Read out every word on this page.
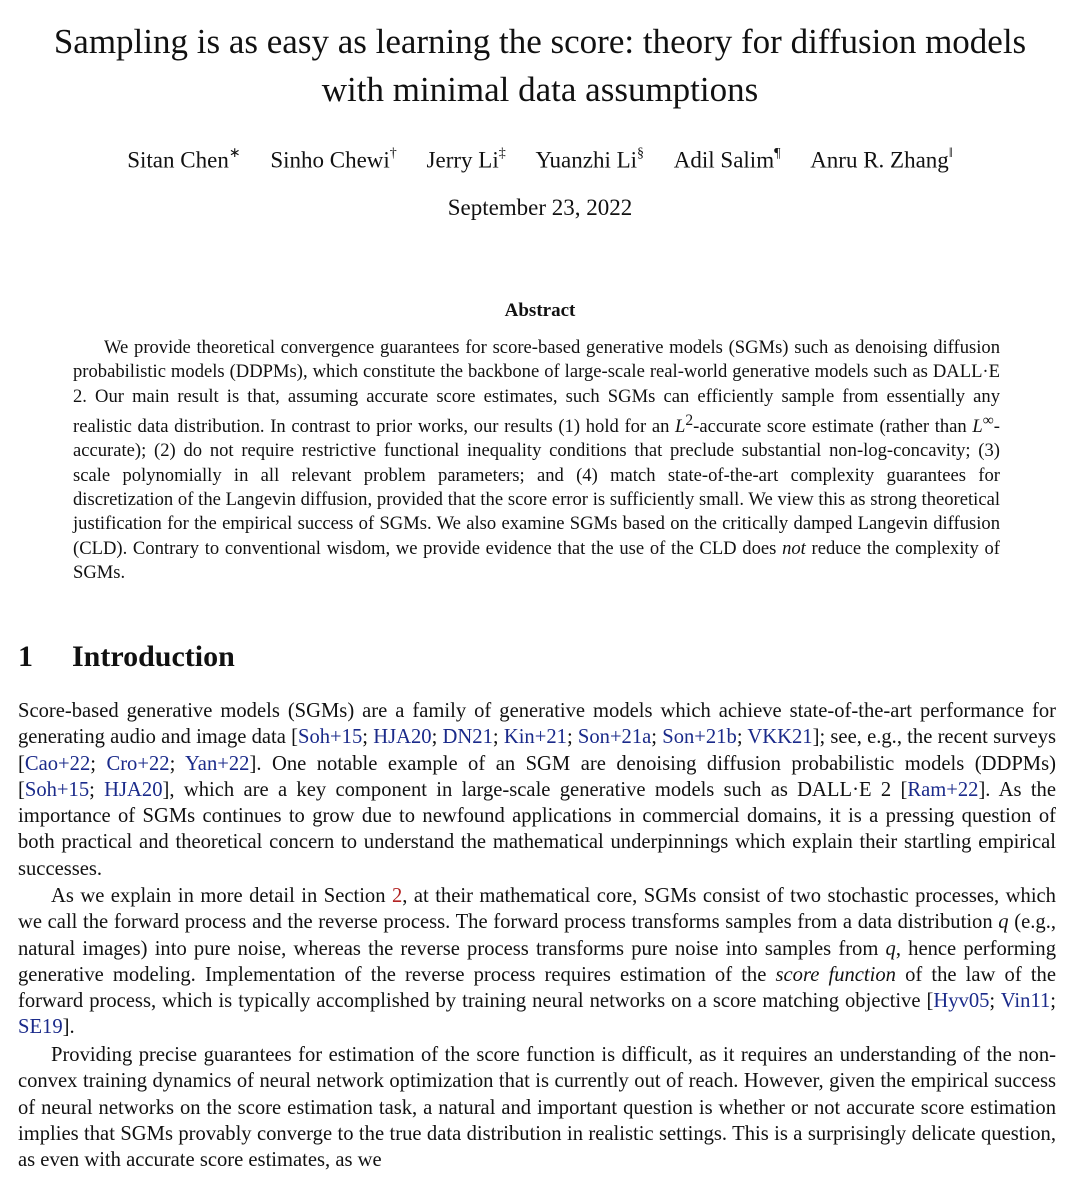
Sampling is as easy as learning the score: theory for diffusion models with minimal data assumptions
Sitan Chen∗ Sinho Chewi† Jerry Li‡ Yuanzhi Li§ Adil Salim¶ Anru R. Zhang‖
September 23, 2022
Abstract

We provide theoretical convergence guarantees for score-based generative models (SGMs) such as denoising diffusion probabilistic models (DDPMs), which constitute the backbone of large-scale real-world generative models such as DALL·E 2. Our main result is that, assuming accurate score estimates, such SGMs can efficiently sample from essentially any realistic data distribution. In contrast to prior works, our results (1) hold for an $L^2$-accurate score estimate (rather than L∞-accurate); (2) do not require restrictive functional inequality conditions that preclude substantial non-log-concavity; (3) scale polynomially in all relevant problem parameters; and (4) match state-of-the-art complexity guarantees for discretization of the Langevin diffusion, provided that the score error is sufficiently small. We view this as strong theoretical justification for the empirical success of SGMs. We also examine SGMs based on the critically damped Langevin diffusion (CLD). Contrary to conventional wisdom, we provide evidence that the use of the CLD does not reduce the complexity of SGMs.

1 Introduction

Score-based generative models (SGMs) are a family of generative models which achieve state-of-the-art performance for generating audio and image data [Soh+15; HJA20; DN21; Kin+21; Son+21a; Son+21b; VKK21]; see, e.g., the recent surveys [Cao+22; Cro+22; Yan+22]. One notable example of an SGM are denoising diffusion probabilistic models (DDPMs) [Soh+15; HJA20], which are a key component in large-scale generative models such as DALL·E 2 [Ram+22]. As the importance of SGMs continues to grow due to newfound applications in commercial domains, it is a pressing question of both practical and theoretical concern to understand the mathematical underpinnings which explain their startling empirical successes.

As we explain in more detail in Section 2, at their mathematical core, SGMs consist of two stochastic processes, which we call the forward process and the reverse process. The forward process transforms samples from a data distribution q (e.g., natural images) into pure noise, whereas the reverse process transforms pure noise into samples from q, hence performing generative modeling. Implementation of the reverse process requires estimation of the score function of the law of the forward process, which is typically accomplished by training neural networks on a score matching objective [Hyv05; Vin11; SE19].

Providing precise guarantees for estimation of the score function is difficult, as it requires an understanding of the non-convex training dynamics of neural network optimization that is currently out of reach. However, given the empirical success of neural networks on the score estimation task, a natural and important question is whether or not accurate score estimation implies that SGMs provably converge to the true data distribution in realistic settings. This is a surprisingly delicate question, as even with accurate score estimates, as we
